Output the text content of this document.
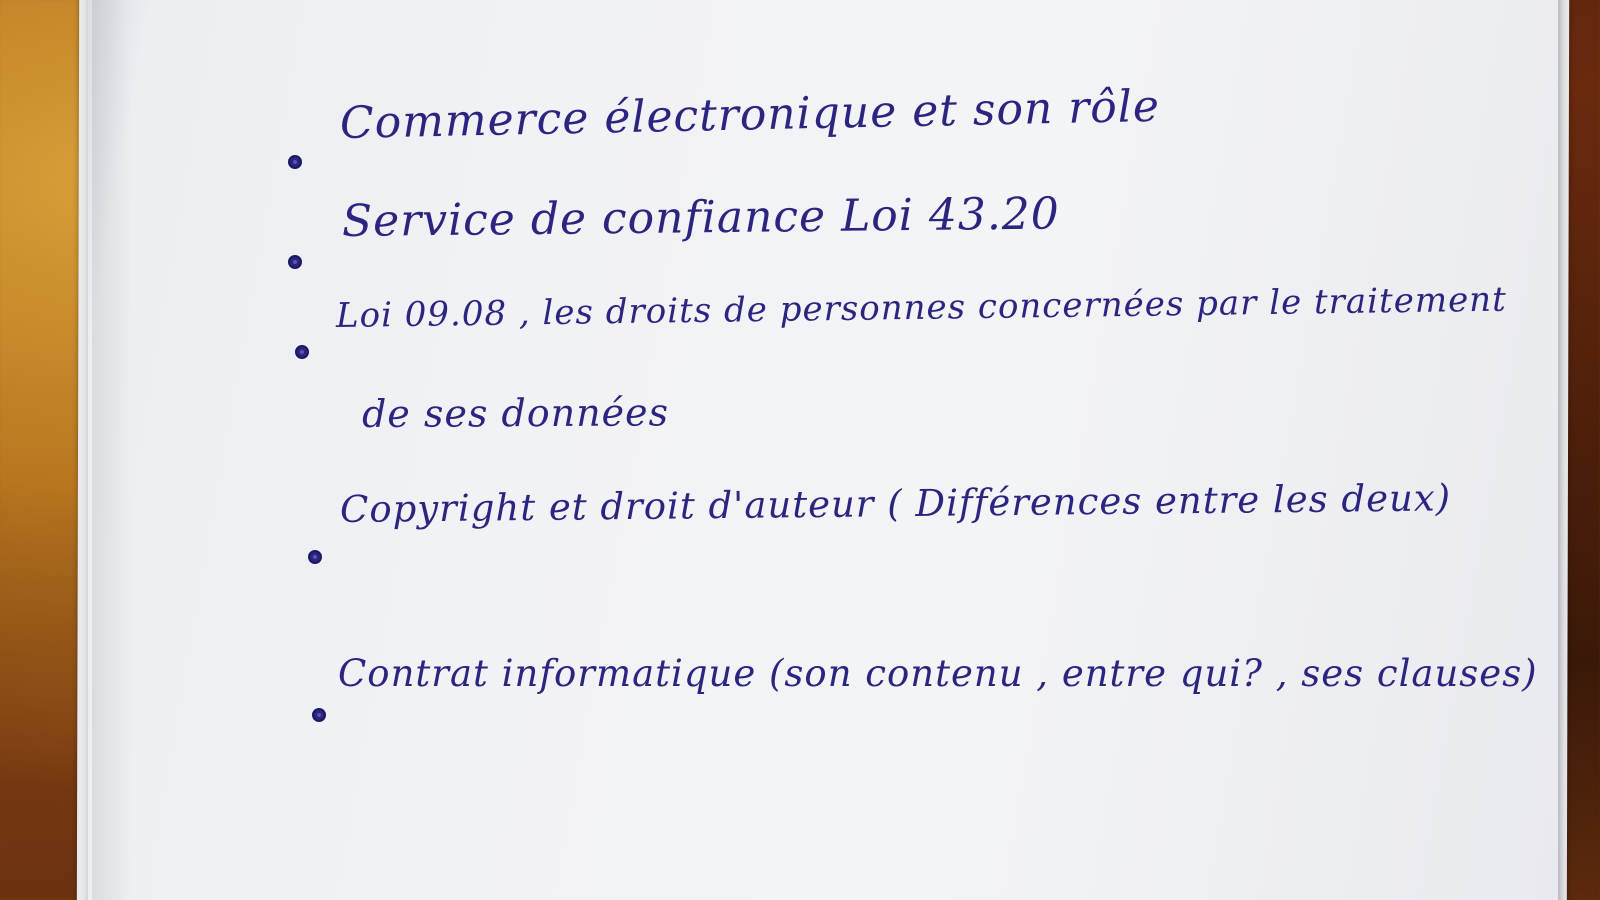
Commerce électronique et son rôle
Service de confiance Loi 43.20
Loi 09.08 , les droits de personnes concernées par le traitement
de ses données
Copyright et droit d'auteur ( Différences entre les deux)
Contrat informatique (son contenu , entre qui? , ses clauses)
